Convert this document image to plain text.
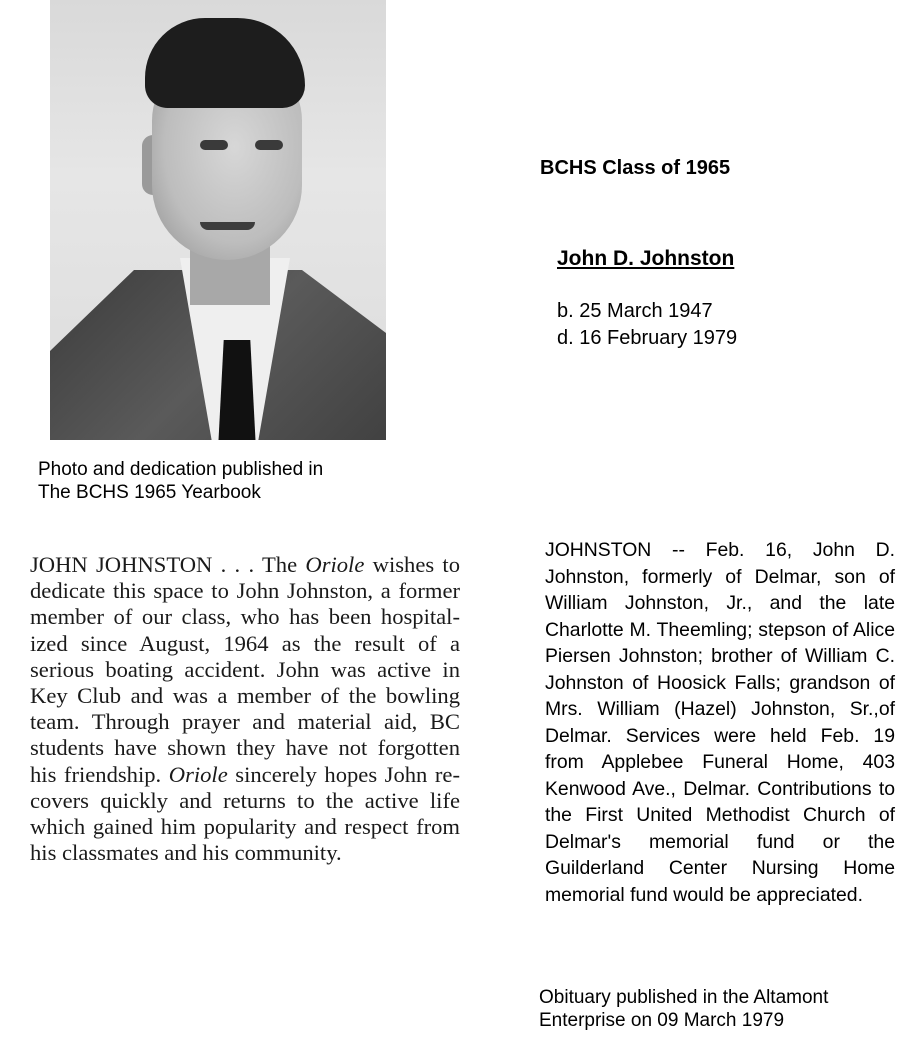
Photo and dedication published in
The BCHS 1965 Yearbook
BCHS Class of 1965
John D. Johnston
b. 25 March 1947
d. 16 February 1979
JOHN JOHNSTON . . . The Oriole wishes to dedicate this space to John Johnston, a former member of our class, who has been hospitalized since August, 1964 as the result of a serious boating accident. John was active in Key Club and was a member of the bowling team. Through prayer and material aid, BC students have shown they have not forgotten his friendship. Oriole sincerely hopes John recovers quickly and returns to the active life which gained him popularity and respect from his classmates and his community.
JOHNSTON -- Feb. 16, John D. Johnston, formerly of Delmar, son of William Johnston, Jr., and the late Charlotte M. Theemling; stepson of Alice Piersen Johnston; brother of William C. Johnston of Hoosick Falls; grandson of Mrs. William (Hazel) Johnston, Sr.,of Delmar. Services were held Feb. 19 from Applebee Funeral Home, 403 Kenwood Ave., Delmar. Contributions to the First United Methodist Church of Delmar's memorial fund or the Guilderland Center Nursing Home memorial fund would be appreciated.
Obituary published in the Altamont
Enterprise on 09 March 1979
